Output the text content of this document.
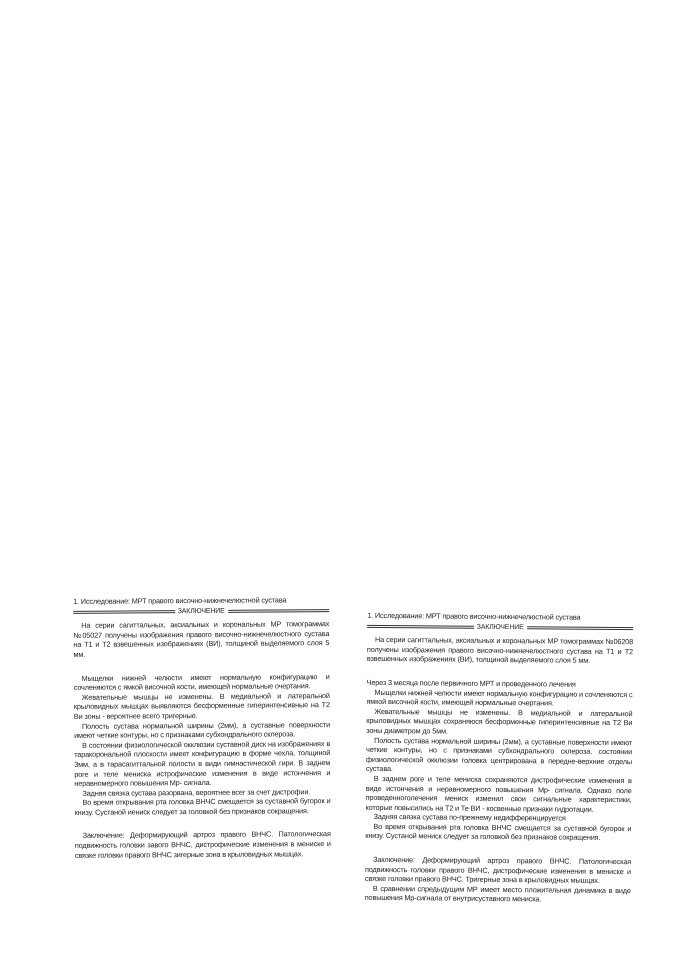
1. Исследование: МРТ правого височно-нижнечелюстной сустава

ЗАКЛЮЧЕНИЕ

На серии сагиттальных, аксиальных и корональных МР томограммах №05027 получены изображения правого височно-нижнечелюстного сустава на Т1 и Т2 взвешенных изображениях (ВИ), толщиной выделяемого слоя 5 мм.

Мыщелки нижней челюсти имеют нормальную конфигурацию и сочленяются с ямкой височной кости, имеющей нормальные очертания.

Жевательные мышцы не изменены. В медиальной и латеральной крыловидных мышцах выявляются бесформенные гиперинтенсивные на Т2 Ви зоны - вероятнее всего тригерные.

Полость сустава нормальной ширины (2мм), а суставные поверхности имеют четкие контуры, но с признаками субхондрального склероза.

В состоянии физиологической окклюзии суставной диск на изображениях в таракорональной плоскости имеет конфигурацию в форме чехла, толщиной 3мм, а в тарасагиттальной полости в види гимнастической гири. В заднем роге и теле мениска истрофические изменения в виде истончения и неравномерного повышения Мр- сигнала.

Задняя связка сустава разорвана, вероятнее всег за счет дистрофии.

Во время открывания рта головка ВНЧС смещается за суставной бугорок и книзу. Сустаной иениск следует за головкой без признаков сокращения.

Заключение: Деформирующий артроз правого ВНЧС. Патологическая подвижность головки завого ВНЧС, дистрофические изменения в мениске и связке головки правого ВНЧС зигерные зона в крыловидных мышцах.

1. Исследование: МРТ правого височно-нижнечелюстной сустава

ЗАКЛЮЧЕНИЕ

На серии сагиттальных, аксиальных и корональных МР томограммах №06208 получены изображения правого височно-нижнечелюстного сустава на Т1 и Т2 взвешенных изображениях (ВИ), толщиной выделяемого слоя 5 мм.

Через 3 месяца после первичного МРТ и проведенного лечения

Мыщелки нижней челюсти имеют нормальную конфигурацию и сочленяются с ямкой височной кости, имеющей нормальные очертания.

Жевательные мышцы не изменены. В медиальной и латеральной крыловидных мышцах сохраняюся бесформенные гиперинтенсивные на Т2 Ви зоны диаметром до 5мм.

Полость сустава нормальной ширины (2мм), а суставные поверхности имеют четкие контуры, но с признаками субхондрального склероза. состоянии физиологической окклюзии головка центрирована в передне-верхние отделы сустава.

В заднем роге и теле мениска сохраняются дистрофические изменения в виде истончения и неравномерного повышения Мр- сигнала. Однако поле проведенноголечения мениск изменил свои сигнальные характеристики, которые повысились на Т2 и Те ВИ - косвенные признаки гидротации.

Задняя связка сустава по-прежнему недифференцируется

Во время открывания рта головка ВНЧС смещается за суставной бугорок и книзу. Сустаной мениск следует за головкой без признаков сокращения.

Заключение: Деформирующий артроз правого ВНЧС. Патологическая подвижность головки правого ВНЧС, дистрофические изменения в мениске и связке головки правого ВНЧС. Тригерные зона в крыловидных мышцах.

В сравнении спредыдущим МР имеет место пложительная динамика в виде повышения Мр-сигнала от внутрисуставного мениска.
